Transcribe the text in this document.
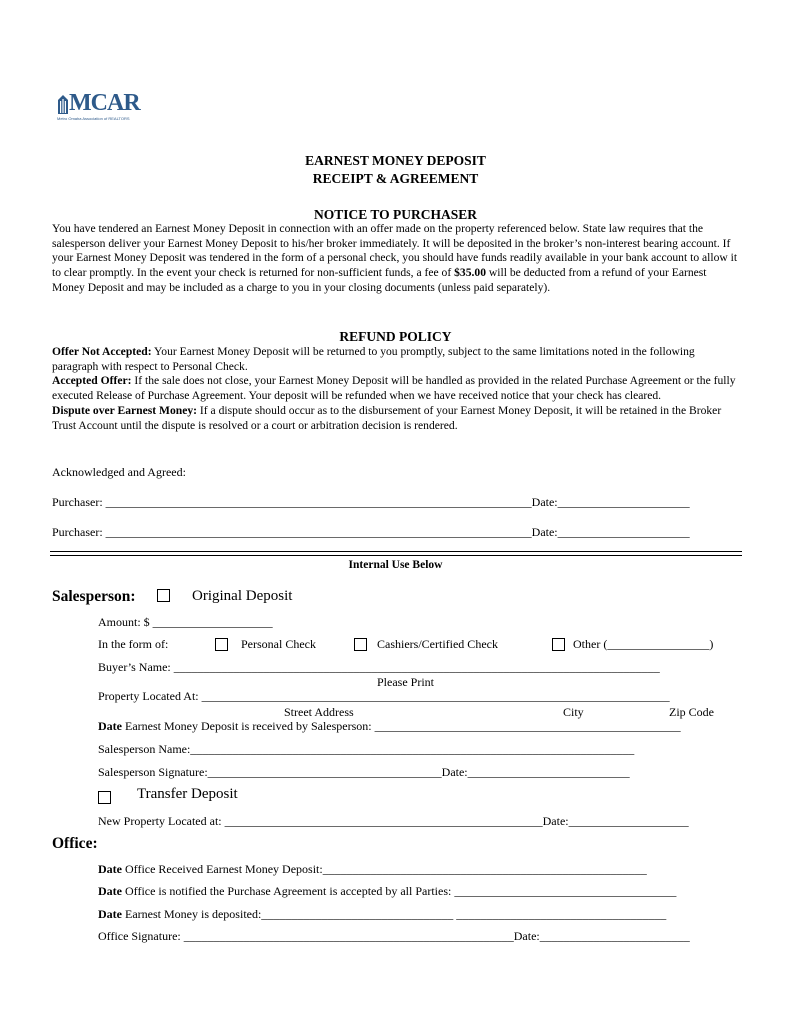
MCAR
Metro Omaha Association of REALTORS
EARNEST MONEY DEPOSIT
RECEIPT & AGREEMENT
NOTICE TO PURCHASER
You have tendered an Earnest Money Deposit in connection with an offer made on the property referenced below. State law requires that the salesperson deliver your Earnest Money Deposit to his/her broker immediately. It will be deposited in the broker’s non-interest bearing account. If your Earnest Money Deposit was tendered in the form of a personal check, you should have funds readily available in your bank account to allow it to clear promptly. In the event your check is returned for non-sufficient funds, a fee of $35.00 will be deducted from a refund of your Earnest Money Deposit and may be included as a charge to you in your closing documents (unless paid separately).
REFUND POLICY
Offer Not Accepted: Your Earnest Money Deposit will be returned to you promptly, subject to the same limitations noted in the following paragraph with respect to Personal Check.
Accepted Offer: If the sale does not close, your Earnest Money Deposit will be handled as provided in the related Purchase Agreement or the fully executed Release of Purchase Agreement. Your deposit will be refunded when we have received notice that your check has cleared.
Dispute over Earnest Money: If a dispute should occur as to the disbursement of your Earnest Money Deposit, it will be retained in the Broker Trust Account until the dispute is resolved or a court or arbitration decision is rendered.
Acknowledged and Agreed:
Purchaser: _______________________________________________________________________Date:______________________
Purchaser: _______________________________________________________________________Date:______________________
Internal Use Below
Salesperson:	Original Deposit
Amount: $ ____________________
In the form of:	Personal Check	Cashiers/Certified Check	Other (_________________)
Buyer’s Name: _________________________________________________________________________________
Please Print
Property Located At: ______________________________________________________________________________
Street Address	City	Zip Code
Date Earnest Money Deposit is received by Salesperson: ___________________________________________________
Salesperson Name:__________________________________________________________________________
Salesperson Signature:_______________________________________Date:___________________________
Transfer Deposit
New Property Located at: _____________________________________________________Date:____________________
Office:
Date Office Received Earnest Money Deposit:______________________________________________________
Date Office is notified the Purchase Agreement is accepted by all Parties: _____________________________________
Date Earnest Money is deposited:________________________________ ___________________________________
Office Signature: _______________________________________________________Date:_________________________
